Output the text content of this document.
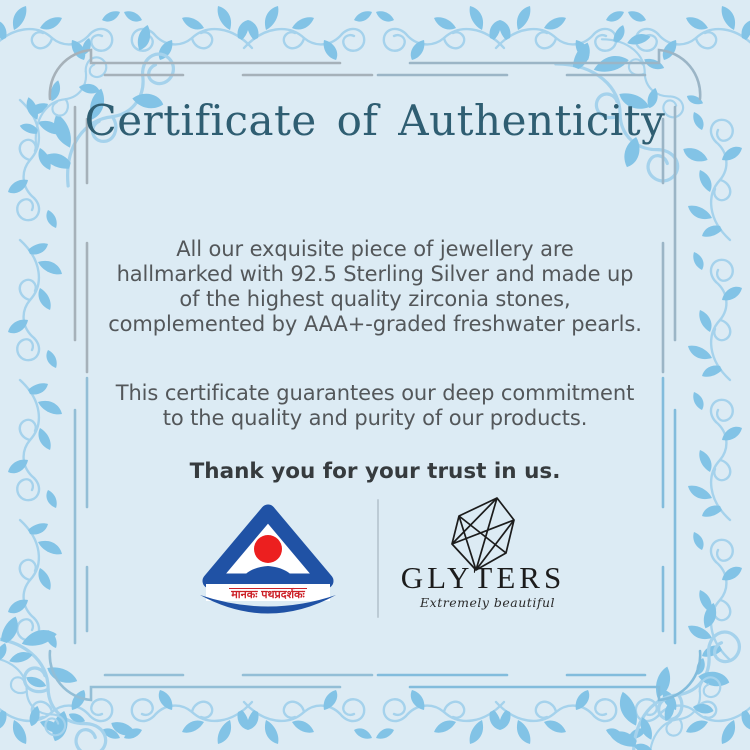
Certificate of Authenticity

All our exquisite piece of jewellery are
hallmarked with 92.5 Sterling Silver and made up
of the highest quality zirconia stones,
complemented by AAA+-graded freshwater pearls.

This certificate guarantees our deep commitment
to the quality and purity of our products.

Thank you for your trust in us.

मानकः पथप्रदर्शकः	GLYTERS
Extremely beautiful
